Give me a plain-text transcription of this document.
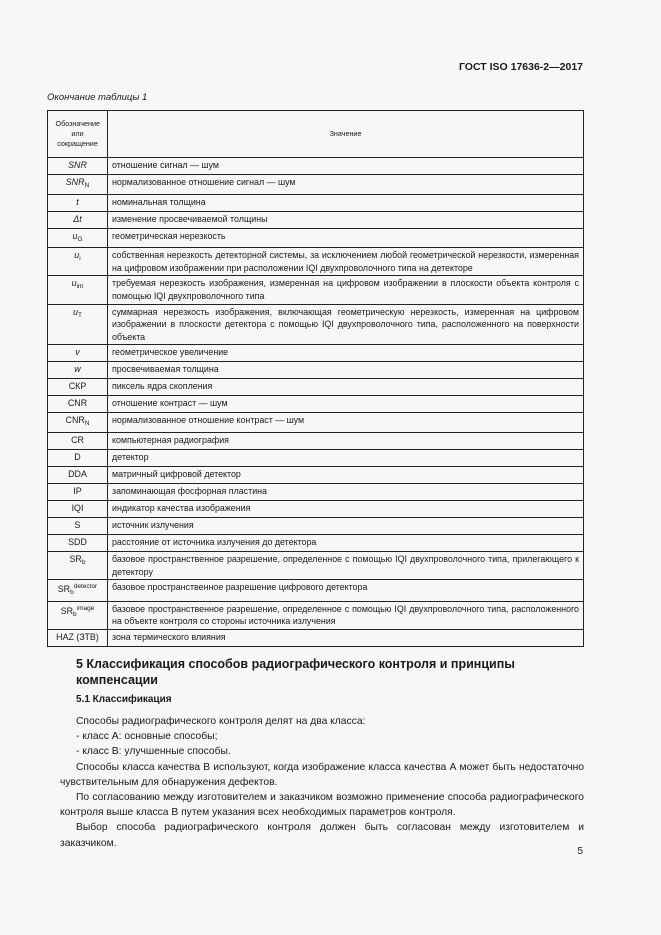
ГОСТ ISO 17636-2—2017
Окончание таблицы 1
Обозначение или сокращение	Значение
SNR	отношение сигнал — шум
$SNR_N$	нормализованное отношение сигнал — шум
t	номинальная толщина
Δt	изменение просвечиваемой толщины
$u_G$	геометрическая нерезкость
$u_i$	собственная нерезкость детекторной системы, за исключением любой геометрической нерезкости, измеренная на цифровом изображении при расположении IQI двухпроволочного типа на детекторе
$u_{im}$	требуемая нерезкость изображения, измеренная на цифровом изображении в плоскости объекта контроля с помощью IQI двухпроволочного типа
$u_T$	суммарная нерезкость изображения, включающая геометрическую нерезкость, измеренная на цифровом изображении в плоскости детектора с помощью IQI двухпроволочного типа, расположенного на поверхности объекта
v	геометрическое увеличение
w	просвечиваемая толщина
СКР	пиксель ядра скопления
CNR	отношение контраст — шум
$CNR_N$	нормализованное отношение контраст — шум
CR	компьютерная радиография
D	детектор
DDA	матричный цифровой детектор
IP	запоминающая фосфорная пластина
IQI	индикатор качества изображения
S	источник излучения
SDD	расстояние от источника излучения до детектора
$SR_b$	базовое пространственное разрешение, определенное с помощью IQI двухпроволочного типа, прилегающего к детектору
$SR_b^{detector}$	базовое пространственное разрешение цифрового детектора
$SR_b^{image}$	базовое пространственное разрешение, определенное с помощью IQI двухпроволочного типа, расположенного на объекте контроля со стороны источника излучения
HAZ (ЗТВ)	зона термического влияния
5 Классификация способов радиографического контроля и принципы компенсации
5.1 Классификация

Способы радиографического контроля делят на два класса:

- класс А: основные способы;

- класс В: улучшенные способы.

Способы класса качества В используют, когда изображение класса качества А может быть недостаточно чувствительным для обнаружения дефектов.

По согласованию между изготовителем и заказчиком возможно применение способа радиографического контроля выше класса В путем указания всех необходимых параметров контроля.

Выбор способа радиографического контроля должен быть согласован между изготовителем и заказчиком.

5
